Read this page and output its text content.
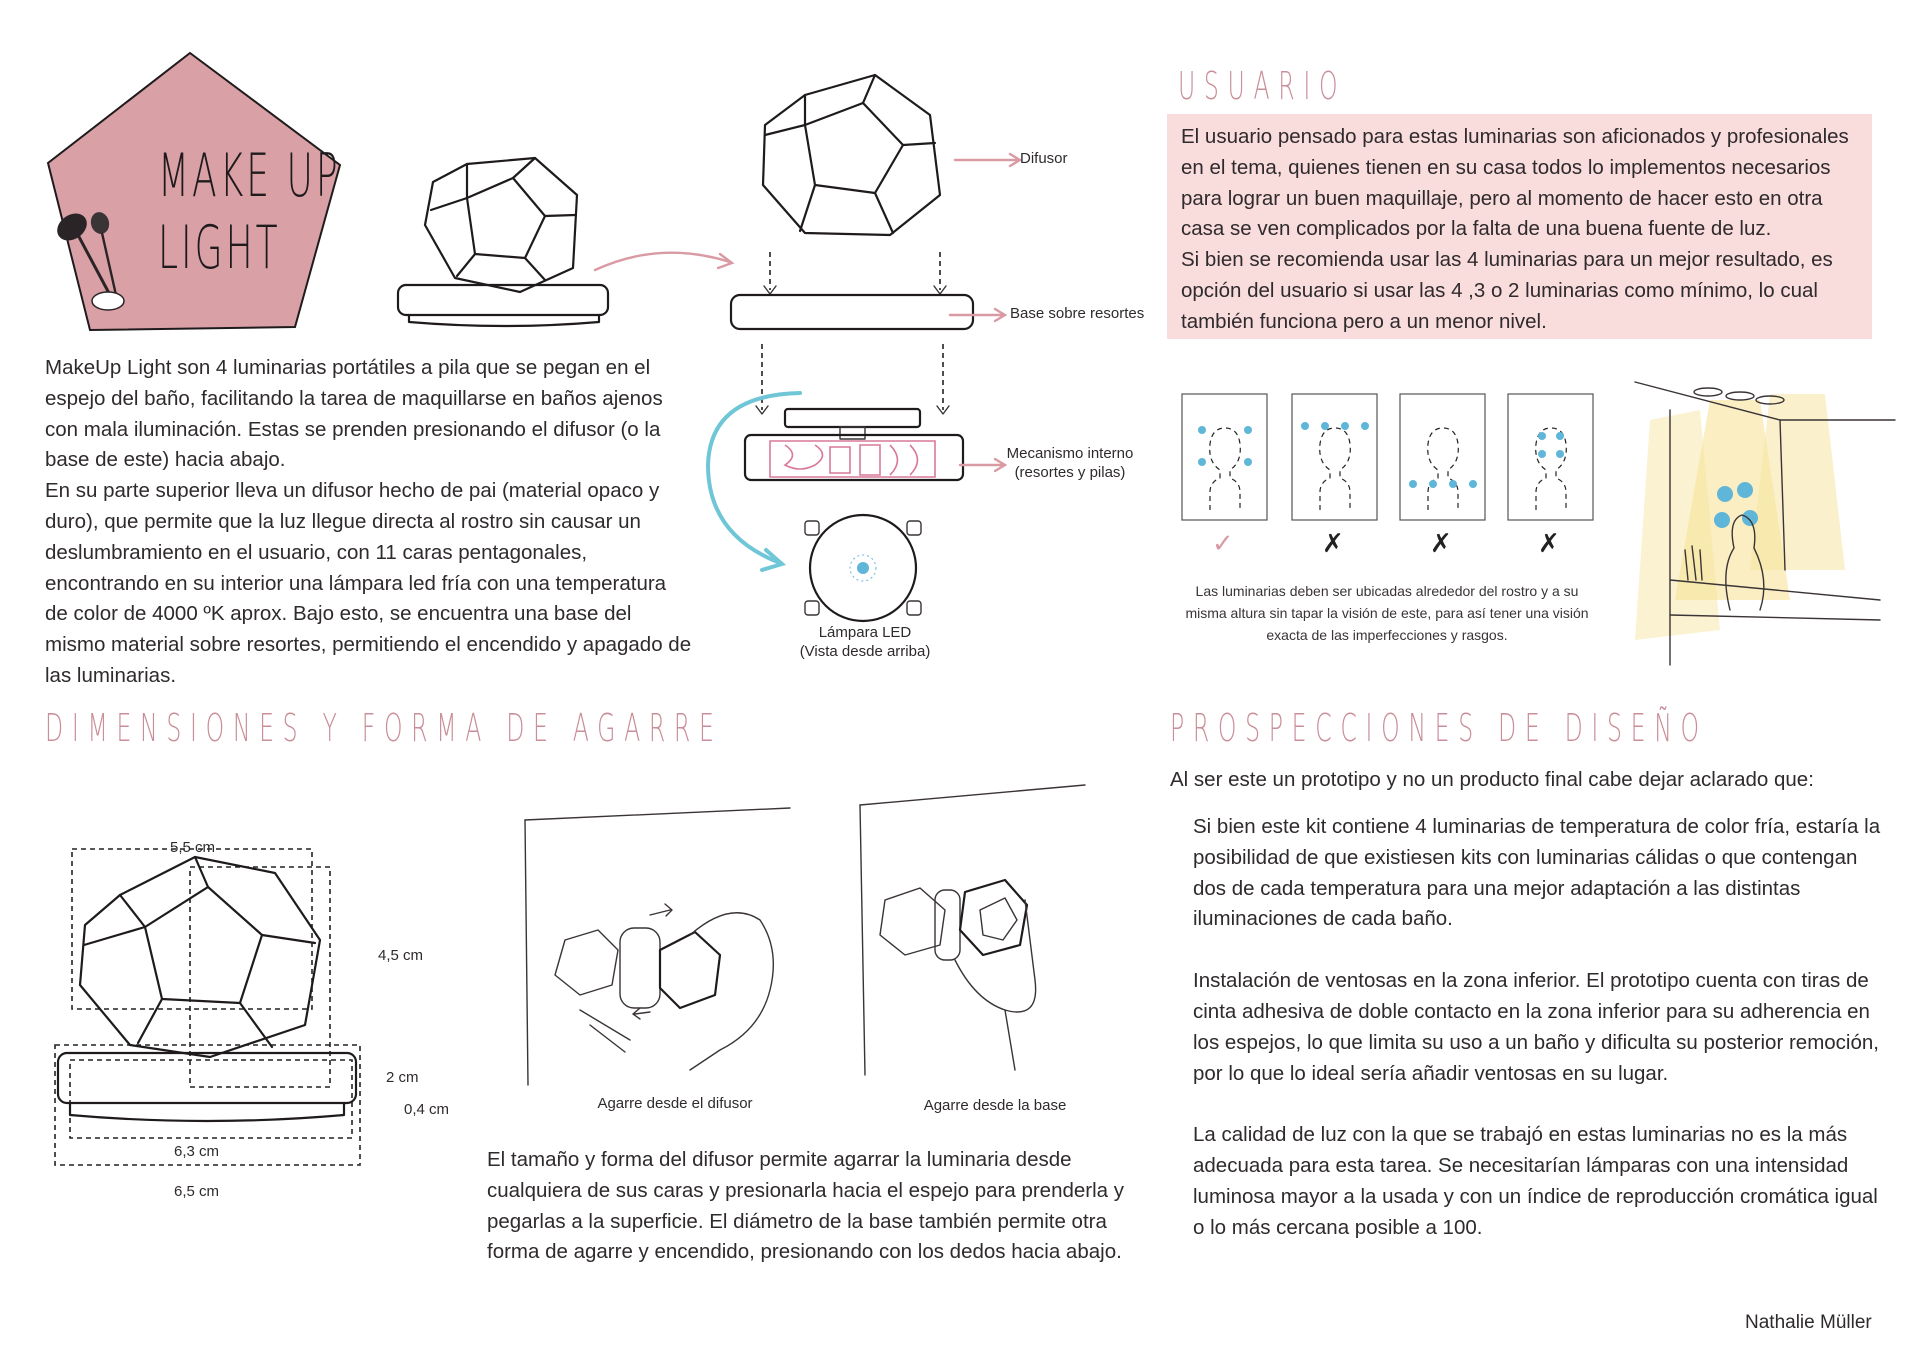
MAKE UP
LIGHT
Difusor
Base sobre resortes
Mecanismo interno
(resortes y pilas)
Lámpara LED
(Vista desde arriba)

MakeUp Light son 4 luminarias portátiles a pila que se pegan en el espejo del baño, facilitando la tarea de maquillarse en baños ajenos con mala iluminación. Estas se prenden presionando el difusor (o la base de este) hacia abajo.

En su parte superior lleva un difusor hecho de pai (material opaco y duro), que permite que la luz llegue directa al rostro sin causar un deslumbramiento en el usuario, con 11 caras pentagonales, encontrando en su interior una lámpara led fría con una temperatura de color de 4000 ºK aprox. Bajo esto, se encuentra una base del mismo material sobre resortes, permitiendo el encendido y apagado de las luminarias.

USUARIO

El usuario pensado para estas luminarias son aficionados y profesionales en el tema, quienes tienen en su casa todos lo implementos necesarios para lograr un buen maquillaje, pero al momento de hacer esto en otra casa se ven complicados por la falta de una buena fuente de luz.

Si bien se recomienda usar las 4 luminarias para un mejor resultado, es opción del usuario si usar las 4 ,3 o 2 luminarias como mínimo, lo cual también funciona pero a un menor nivel.

✓	✗	✗	✗
Las luminarias deben ser ubicadas alrededor del rostro y a su misma altura sin tapar la visión de este, para así tener una visión exacta de las imperfecciones y rasgos.
DIMENSIONES Y FORMA DE AGARRE
5,5 cm
4,5 cm
2 cm
0,4 cm
6,3 cm
6,5 cm
Agarre desde el difusor	Agarre desde la base
El tamaño y forma del difusor permite agarrar la luminaria desde cualquiera de sus caras y presionarla hacia el espejo para prenderla y pegarlas a la superficie. El diámetro de la base también permite otra forma de agarre y encendido, presionando con los dedos hacia abajo.
PROSPECCIONES DE DISEÑO
Al ser este un prototipo y no un producto final cabe dejar aclarado que:

Si bien este kit contiene 4 luminarias de temperatura de color fría, estaría la posibilidad de que existiesen kits con luminarias cálidas o que contengan dos de cada temperatura para una mejor adaptación a las distintas iluminaciones de cada baño.

Instalación de ventosas en la zona inferior. El prototipo cuenta con tiras de cinta adhesiva de doble contacto en la zona inferior para su adherencia en los espejos, lo que limita su uso a un baño y dificulta su posterior remoción, por lo que lo ideal sería añadir ventosas en su lugar.

La calidad de luz con la que se trabajó en estas luminarias no es la más adecuada para esta tarea. Se necesitarían lámparas con una intensidad luminosa mayor a la usada y con un índice de reproducción cromática igual o lo más cercana posible a 100.

Nathalie Müller
